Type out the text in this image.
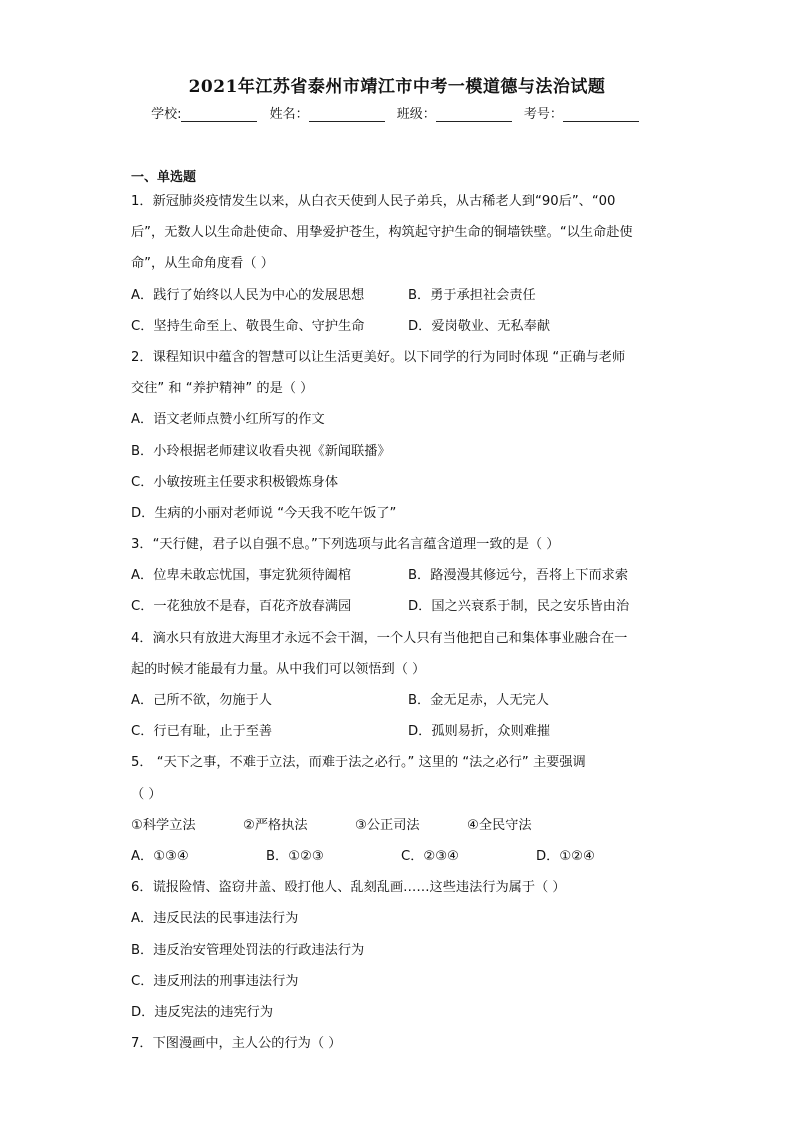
2021年江苏省泰州市靖江市中考一模道德与法治试题
学校:	姓名：	班级：	考号：
一、单选题
1．新冠肺炎疫情发生以来，从白衣天使到人民子弟兵，从古稀老人到“90后”、“00
后”，无数人以生命赴使命、用挚爱护苍生，构筑起守护生命的铜墙铁壁。“以生命赴使
命”，从生命角度看（ ）
A．践行了始终以人民为中心的发展思想	B．勇于承担社会责任
C．坚持生命至上、敬畏生命、守护生命	D．爱岗敬业、无私奉献
2．课程知识中蕴含的智慧可以让生活更美好。以下同学的行为同时体现 “正确与老师
交往” 和 “养护精神” 的是（ ）
A．语文老师点赞小红所写的作文
B．小玲根据老师建议收看央视《新闻联播》
C．小敏按班主任要求积极锻炼身体
D．生病的小丽对老师说 “今天我不吃午饭了”
3．“天行健，君子以自强不息。”下列选项与此名言蕴含道理一致的是（ ）
A．位卑未敢忘忧国，事定犹须待阖棺	B．路漫漫其修远兮，吾将上下而求索
C．一花独放不是春，百花齐放春满园	D．国之兴衰系于制，民之安乐皆由治
4．滴水只有放进大海里才永远不会干涸，一个人只有当他把自己和集体事业融合在一
起的时候才能最有力量。从中我们可以领悟到（ ）
A．己所不欲，勿施于人	B．金无足赤，人无完人
C．行已有耻，止于至善	D．孤则易折，众则难摧
5． “天下之事，不难于立法，而难于法之必行。” 这里的 “法之必行” 主要强调
（ ）
①科学立法	②严格执法	③公正司法	④全民守法
A．①③④	B．①②③	C．②③④	D．①②④
6．谎报险情、盗窃井盖、殴打他人、乱刻乱画……这些违法行为属于（ ）
A．违反民法的民事违法行为
B．违反治安管理处罚法的行政违法行为
C．违反刑法的刑事违法行为
D．违反宪法的违宪行为
7．下图漫画中，主人公的行为（ ）
